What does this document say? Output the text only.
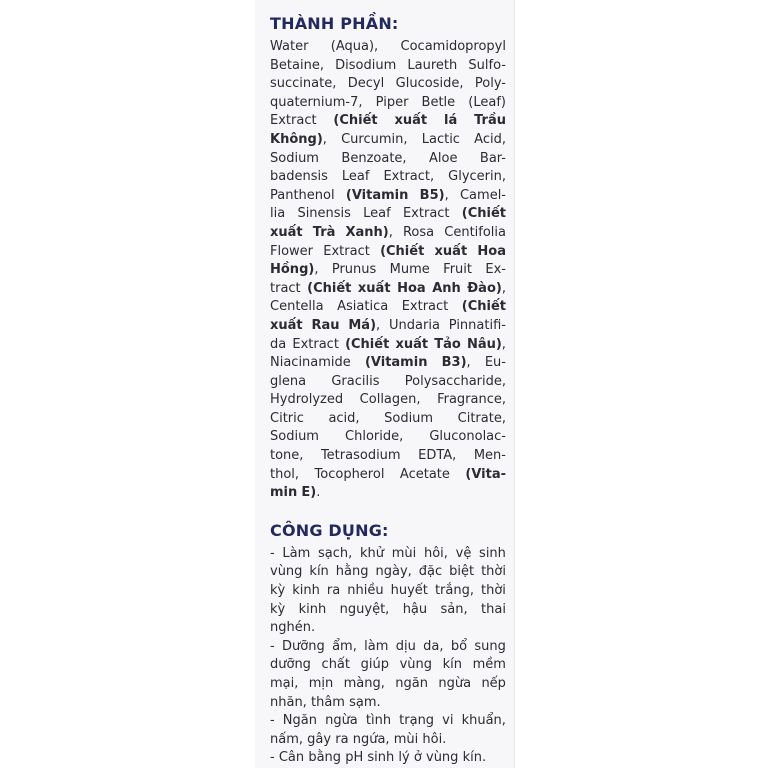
THÀNH PHẦN:
Water (Aqua), Cocamidopropyl
Betaine, Disodium Laureth Sulfo-
succinate, Decyl Glucoside, Poly-
quaternium-7, Piper Betle (Leaf)
Extract (Chiết xuất lá Trầu
Không), Curcumin, Lactic Acid,
Sodium Benzoate, Aloe Bar-
badensis Leaf Extract, Glycerin,
Panthenol (Vitamin B5), Camel-
lia Sinensis Leaf Extract (Chiết
xuất Trà Xanh), Rosa Centifolia
Flower Extract (Chiết xuất Hoa
Hồng), Prunus Mume Fruit Ex-
tract (Chiết xuất Hoa Anh Đào),
Centella Asiatica Extract (Chiết
xuất Rau Má), Undaria Pinnatifi-
da Extract (Chiết xuất Tảo Nâu),
Niacinamide (Vitamin B3), Eu-
glena Gracilis Polysaccharide,
Hydrolyzed Collagen, Fragrance,
Citric acid, Sodium Citrate,
Sodium Chloride, Gluconolac-
tone, Tetrasodium EDTA, Men-
thol, Tocopherol Acetate (Vita-
min E).
CÔNG DỤNG:
- Làm sạch, khử mùi hôi, vệ sinh
vùng kín hằng ngày, đặc biệt thời
kỳ kinh ra nhiều huyết trắng, thời
kỳ kinh nguyệt, hậu sản, thai
nghén.
- Dưỡng ẩm, làm dịu da, bổ sung
dưỡng chất giúp vùng kín mềm
mại, mịn màng, ngăn ngừa nếp
nhăn, thâm sạm.
- Ngăn ngừa tình trạng vi khuẩn,
nấm, gây ra ngứa, mùi hôi.
- Cân bằng pH sinh lý ở vùng kín.
